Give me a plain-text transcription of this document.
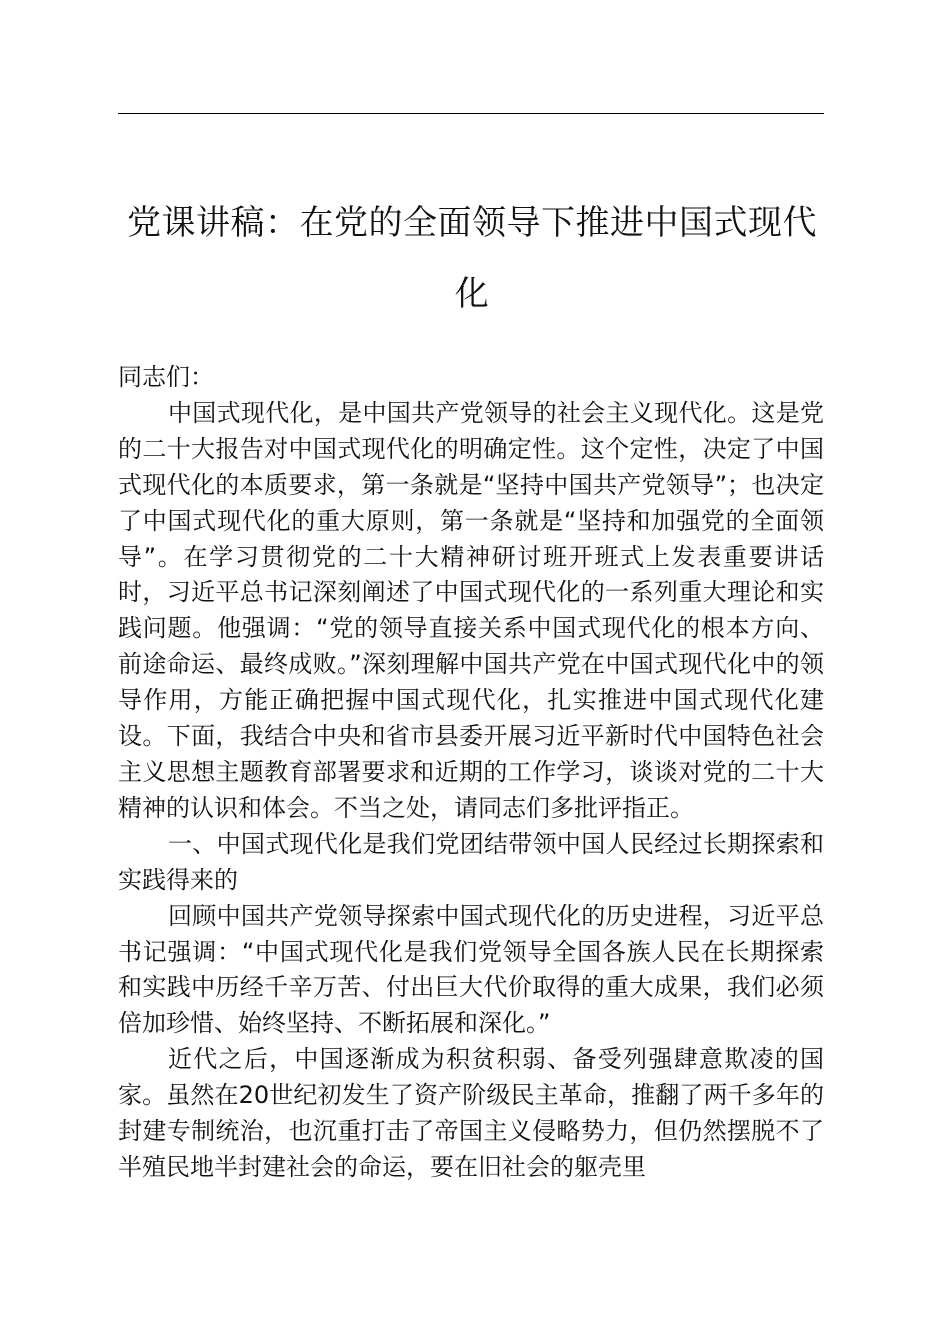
党课讲稿：在党的全面领导下推进中国式现代化

同志们：

中国式现代化，是中国共产党领导的社会主义现代化。这是党的二十大报告对中国式现代化的明确定性。这个定性，决定了中国式现代化的本质要求，第一条就是“坚持中国共产党领导”；也决定了中国式现代化的重大原则，第一条就是“坚持和加强党的全面领导”。在学习贯彻党的二十大精神研讨班开班式上发表重要讲话时，习近平总书记深刻阐述了中国式现代化的一系列重大理论和实践问题。他强调：“党的领导直接关系中国式现代化的根本方向、前途命运、最终成败。”深刻理解中国共产党在中国式现代化中的领导作用，方能正确把握中国式现代化，扎实推进中国式现代化建设。下面，我结合中央和省市县委开展习近平新时代中国特色社会主义思想主题教育部署要求和近期的工作学习，谈谈对党的二十大精神的认识和体会。不当之处，请同志们多批评指正。

一、中国式现代化是我们党团结带领中国人民经过长期探索和实践得来的

回顾中国共产党领导探索中国式现代化的历史进程，习近平总书记强调：“中国式现代化是我们党领导全国各族人民在长期探索和实践中历经千辛万苦、付出巨大代价取得的重大成果，我们必须倍加珍惜、始终坚持、不断拓展和深化。”

近代之后，中国逐渐成为积贫积弱、备受列强肆意欺凌的国家。虽然在20世纪初发生了资产阶级民主革命，推翻了两千多年的封建专制统治，也沉重打击了帝国主义侵略势力，但仍然摆脱不了半殖民地半封建社会的命运，要在旧社会的躯壳里
